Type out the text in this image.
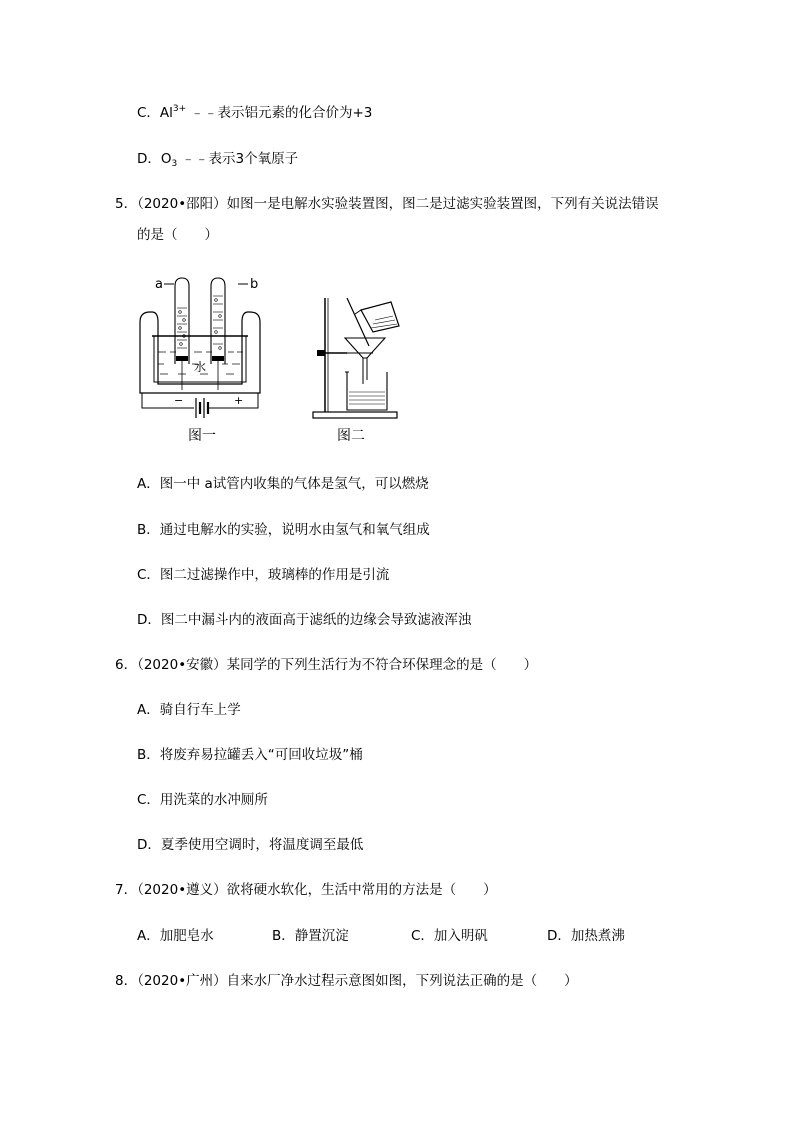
C．$Al^{3+}$ ﹣﹣表示铝元素的化合价为+3
D．$O_3$ ﹣﹣表示3个氧原子
5．（2020•邵阳）如图一是电解水实验装置图，图二是过滤实验装置图，下列有关说法错误
的是（　　）
a	b
水
−	+
图一	图二
A．图一中 a试管内收集的气体是氢气，可以燃烧
B．通过电解水的实验，说明水由氢气和氧气组成
C．图二过滤操作中，玻璃棒的作用是引流
D．图二中漏斗内的液面高于滤纸的边缘会导致滤液浑浊
6．（2020•安徽）某同学的下列生活行为不符合环保理念的是（　　）
A．骑自行车上学
B．将废弃易拉罐丢入“可回收垃圾”桶
C．用洗菜的水冲厕所
D．夏季使用空调时，将温度调至最低
7．（2020•遵义）欲将硬水软化，生活中常用的方法是（　　）
A．加肥皂水	B．静置沉淀	C．加入明矾	D．加热煮沸
8．（2020•广州）自来水厂净水过程示意图如图，下列说法正确的是（　　）
